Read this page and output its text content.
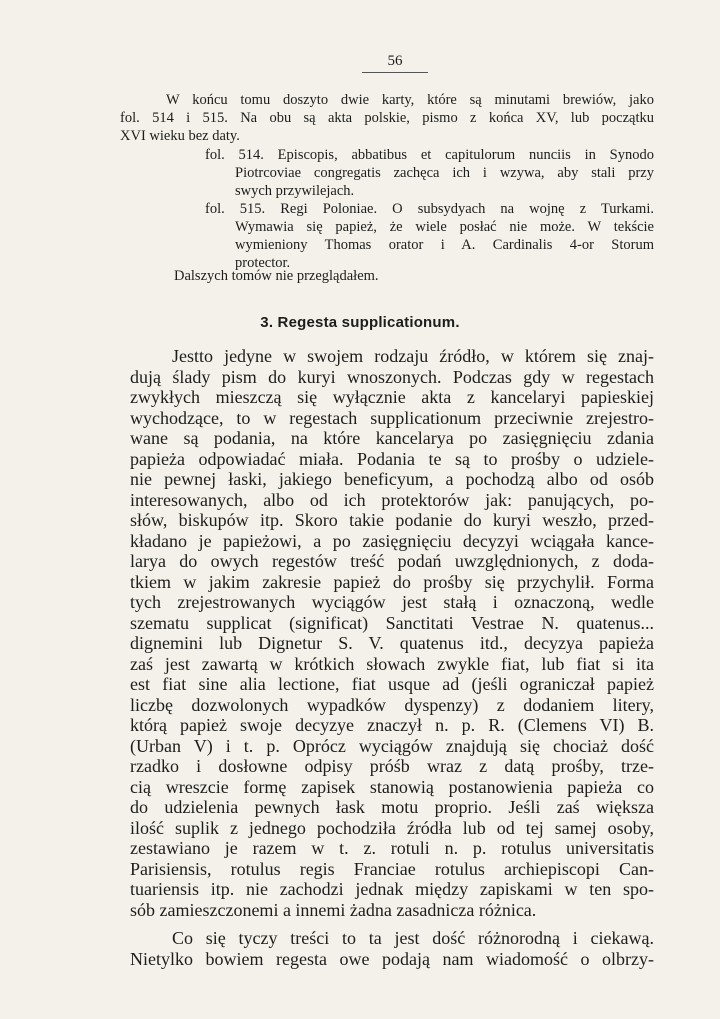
56
W końcu tomu doszyto dwie karty, które są minutami brewiów, jako
fol. 514 i 515. Na obu są akta polskie, pismo z końca XV, lub początku
XVI wieku bez daty.
fol. 514. Episcopis, abbatibus et capitulorum nunciis in Synodo
Piotrcoviae congregatis zachęca ich i wzywa, aby stali przy
swych przywilejach.
fol. 515. Regi Poloniae. O subsydyach na wojnę z Turkami.
Wymawia się papież, że wiele posłać nie może. W tekście
wymieniony Thomas orator i A. Cardinalis 4-or Storum
protector.
Dalszych tomów nie przeglądałem.
3. Regesta supplicationum.
Jestto jedyne w swojem rodzaju źródło, w którem się znaj-
dują ślady pism do kuryi wnoszonych. Podczas gdy w regestach
zwykłych mieszczą się wyłącznie akta z kancelaryi papieskiej
wychodzące, to w regestach supplicationum przeciwnie zrejestro-
wane są podania, na które kancelarya po zasięgnięciu zdania
papieża odpowiadać miała. Podania te są to prośby o udziele-
nie pewnej łaski, jakiego beneficyum, a pochodzą albo od osób
interesowanych, albo od ich protektorów jak: panujących, po-
słów, biskupów itp. Skoro takie podanie do kuryi weszło, przed-
kładano je papieżowi, a po zasięgnięciu decyzyi wciągała kance-
larya do owych regestów treść podań uwzględnionych, z doda-
tkiem w jakim zakresie papież do prośby się przychylił. Forma
tych zrejestrowanych wyciągów jest stałą i oznaczoną, wedle
szematu supplicat (significat) Sanctitati Vestrae N. quatenus...
dignemini lub Dignetur S. V. quatenus itd., decyzya papieża
zaś jest zawartą w krótkich słowach zwykle fiat, lub fiat si ita
est fiat sine alia lectione, fiat usque ad (jeśli ograniczał papież
liczbę dozwolonych wypadków dyspenzy) z dodaniem litery,
którą papież swoje decyzye znaczył n. p. R. (Clemens VI) B.
(Urban V) i t. p. Oprócz wyciągów znajdują się chociaż dość
rzadko i dosłowne odpisy próśb wraz z datą prośby, trze-
cią wreszcie formę zapisek stanowią postanowienia papieża co
do udzielenia pewnych łask motu proprio. Jeśli zaś większa
ilość suplik z jednego pochodziła źródła lub od tej samej osoby,
zestawiano je razem w t. z. rotuli n. p. rotulus universitatis
Parisiensis, rotulus regis Franciae rotulus archiepiscopi Can-
tuariensis itp. nie zachodzi jednak między zapiskami w ten spo-
sób zamieszczonemi a innemi żadna zasadnicza różnica.
Co się tyczy treści to ta jest dość różnorodną i ciekawą.
Nietylko bowiem regesta owe podają nam wiadomość o olbrzy-
